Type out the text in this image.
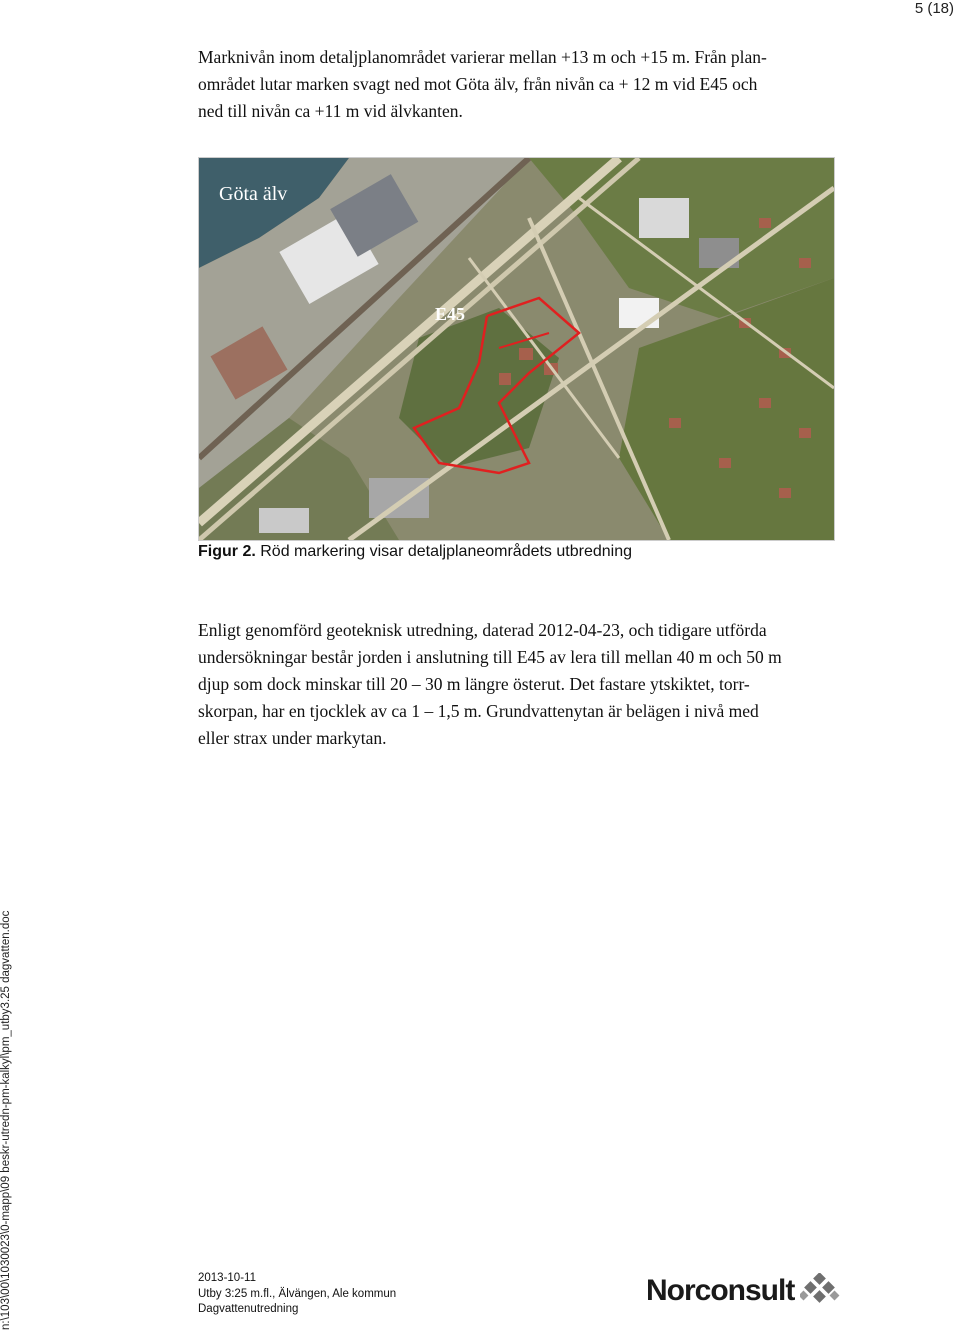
5 (18)

Marknivån inom detaljplanområdet varierar mellan +13 m och +15 m. Från plan-
området lutar marken svagt ned mot Göta älv, från nivån ca + 12 m vid E45 och
ned till nivån ca +11 m vid älvkanten.

Göta älv
E45
Figur 2. Röd markering visar detaljplaneområdets utbredning

Enligt genomförd geoteknisk utredning, daterad 2012-04-23, och tidigare utförda
undersökningar består jorden i anslutning till E45 av lera till mellan 40 m och 50 m
djup som dock minskar till 20 – 30 m längre österut. Det fastare ytskiktet, torr-
skorpan, har en tjocklek av ca 1 – 1,5 m. Grundvattenytan är belägen i nivå med
eller strax under markytan.

n:\103\00\1030023\0-mapp\09 beskr-utredn-pm-kalkyl\pm_utby3.25 dagvatten.doc	2013-10-11
Utby 3:25 m.fl., Älvängen, Ale kommun
Dagvattenutredning
Norconsult
